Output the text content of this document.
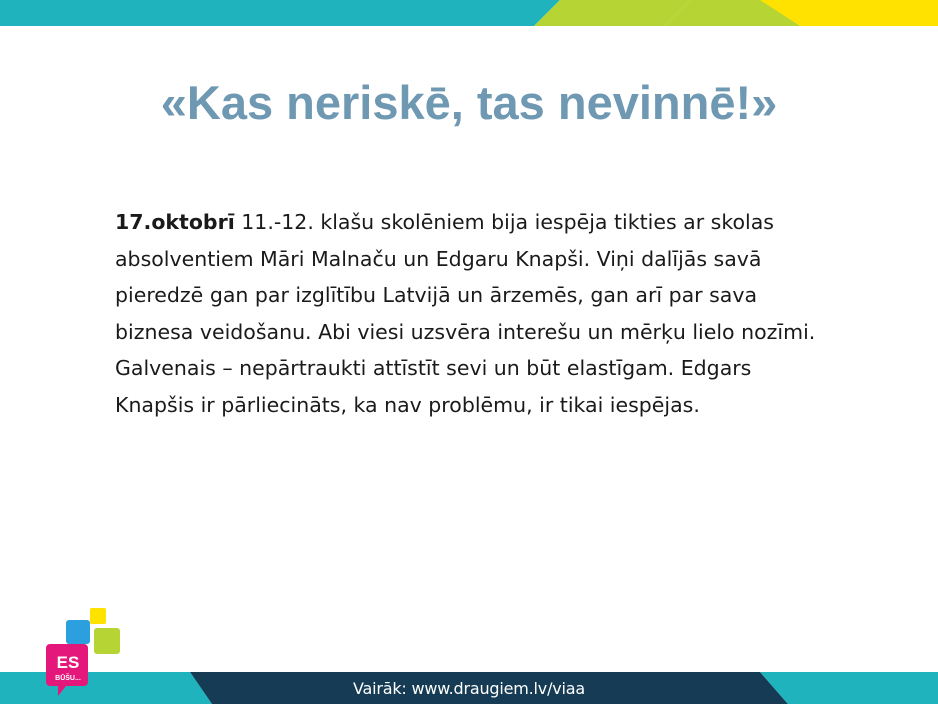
«Kas neriskē, tas nevinnē!»

17.oktobrī 11.-12. klašu skolēniem bija iespēja tikties ar skolas absolventiem Māri Malnaču un Edgaru Knapši. Viņi dalījās savā pieredzē gan par izglītību Latvijā un ārzemēs, gan arī par sava biznesa veidošanu. Abi viesi uzsvēra interešu un mērķu lielo nozīmi. Galvenais – nepārtraukti attīstīt sevi un būt elastīgam. Edgars Knapšis ir pārliecināts, ka nav problēmu, ir tikai iespējas.

Vairāk: www.draugiem.lv/viaa
ES
BŪŠU...
